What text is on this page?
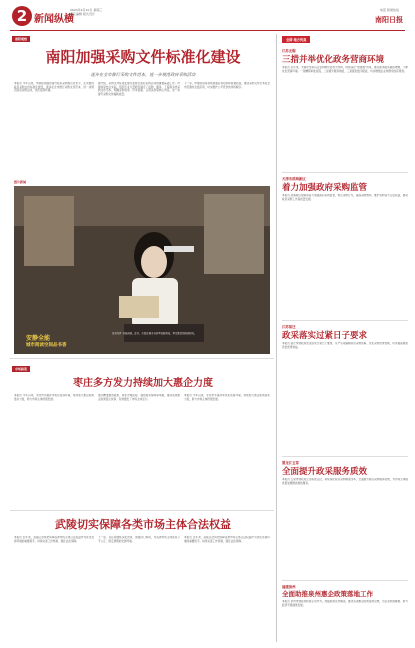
2 新闻纵横
2024年4月10日 星期三
责任编辑 版式设计
电话 新闻热线
南阳日报
南阳观察
南阳加强采购文件标准化建设
逐步在全市推行采购文件范本，进一步规范政府采购活动
本报讯 今年以来，市财政局围绕提升政府采购规范化水平，扎实推进政府采购文件标准化建设，逐步在全市推行采购文件范本，进一步规范政府采购活动，优化营商环境。
据介绍，采购文件标准化建设是规范政府采购活动的重要基础工作。市财政局结合实际，组织专业力量研究制定了货物、服务、工程等多类采购文件范本，明确采购需求、评审因素、合同条款等核心内容，进一步提升采购文件编制质量。
下一步，市财政局将持续加强业务培训和监督检查，推动采购文件范本在全市范围内全面应用，切实维护公平竞争的市场秩序。
图片新闻
安静全能
城市阅读空间品书香
读书为伴 书香满城。近日，市民在城市书房里安静阅读，享受惬意的阅读时光。
市场纵览
枣庄多方发力持续加大惠企力度
本报讯 今年以来，枣庄市多措并举优化营商环境，持续加大惠企政策落实力度，助力市场主体纾困发展。
通过精准推送政策、简化办理流程、强化服务保障等举措，推动各项惠企政策直达快享，有效激发了市场主体活力。
本报讯 今年以来，枣庄市多措并举优化营商环境，持续加大惠企政策落实力度，助力市场主体纾困发展。
武陵切实保障各类市场主体合法权益
本报讯 近年来，武陵区坚持把保障各类市场主体合法权益作为优化营商环境的重要抓手，持续完善工作机制，强化法治保障。
下一步，该区将继续深化改革，加强部门协同，为各类市场主体营造公平公正、稳定透明的发展环境。
本报讯 近年来，武陵区坚持把保障各类市场主体合法权益作为优化营商环境的重要抓手，持续完善工作机制，强化法治保障。
全国·地方传真
江苏无锡
三措并举优化政务营商环境
本报讯 近年来，无锡市坚持以企业和群众需求为导向，持续深化“放管服”改革，推动政务服务提质增效，不断优化营商环境。一是精简审批流程，二是提升服务效能，三是强化数字赋能，切实增强企业和群众的获得感。
天津市滨海新区
着力加强政府采购监管
本报讯 滨海新区财政局着力加强政府采购监管，规范采购行为，提高采购效率，维护采购各方合法权益，推动政府采购工作高质量发展。
江苏宿迁
政采落实过紧日子要求
本报讯 宿迁市财政局坚决落实过紧日子要求，从严从紧编制政府采购预算，优化采购需求管理，切实提高财政资金使用效益。
黑龙江五常
全面提升政采服务质效
本报讯 五常市财政局立足职能定位，持续深化政府采购制度改革，全面提升政府采购服务质效，为市场主体提供更加便捷高效的服务。
福建泉州
全面助推泉州惠企政策落地工作
本报讯 泉州市财政局积极主动作为，加强政策宣传解读，推动各项惠企政策落地见效，为企业纾困解难、助力经济平稳健康发展。
